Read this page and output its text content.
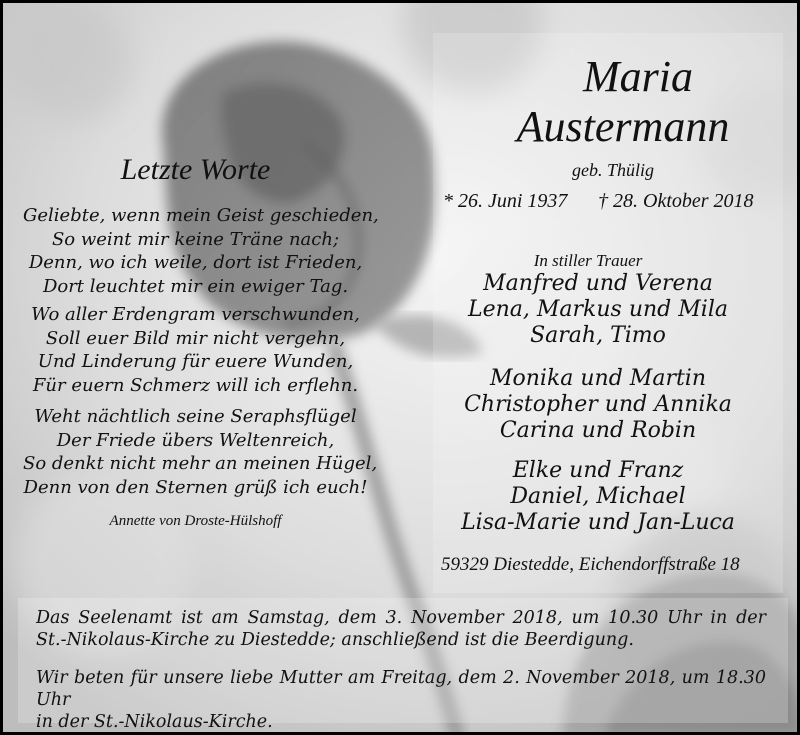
Maria
Austermann
geb. Thülig
* 26. Juni 1937 † 28. Oktober 2018
Letzte Worte
Geliebte, wenn mein Geist geschieden,
So weint mir keine Träne nach;
Denn, wo ich weile, dort ist Frieden,
Dort leuchtet mir ein ewiger Tag.
Wo aller Erdengram verschwunden,
Soll euer Bild mir nicht vergehn,
Und Linderung für euere Wunden,
Für euern Schmerz will ich erflehn.
Weht nächtlich seine Seraphsflügel
Der Friede übers Weltenreich,
So denkt nicht mehr an meinen Hügel,
Denn von den Sternen grüß ich euch!
Annette von Droste-Hülshoff
In stiller Trauer
Manfred und Verena
Lena, Markus und Mila
Sarah, Timo
Monika und Martin
Christopher und Annika
Carina und Robin
Elke und Franz
Daniel, Michael
Lisa-Marie und Jan-Luca
59329 Diestedde, Eichendorffstraße 18
Das Seelenamt ist am Samstag, dem 3. November 2018, um 10.30 Uhr in der
St.-Nikolaus-Kirche zu Diestedde; anschließend ist die Beerdigung.
Wir beten für unsere liebe Mutter am Freitag, dem 2. November 2018, um 18.30 Uhr
in der St.-Nikolaus-Kirche.
